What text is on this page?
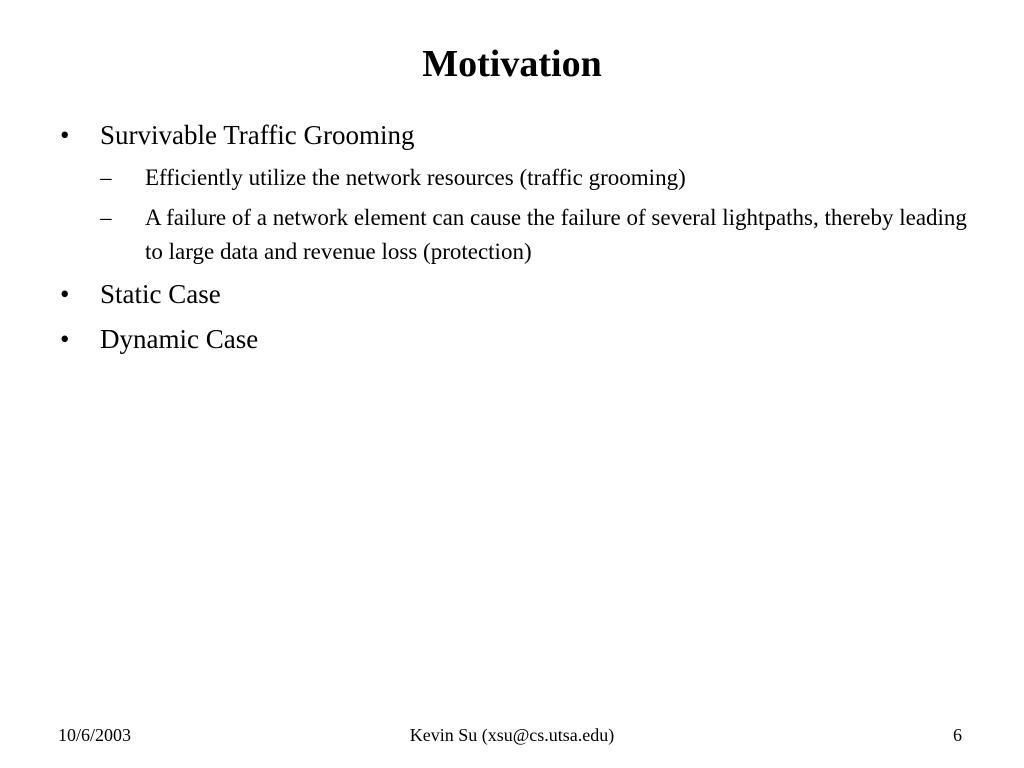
Motivation
•	Survivable Traffic Grooming
–	Efficiently utilize the network resources (traffic grooming)
–	A failure of a network element can cause the failure of several lightpaths, thereby leading to large data and revenue loss (protection)
•	Static Case
•	Dynamic Case
10/6/2003	Kevin Su (xsu@cs.utsa.edu)	6
